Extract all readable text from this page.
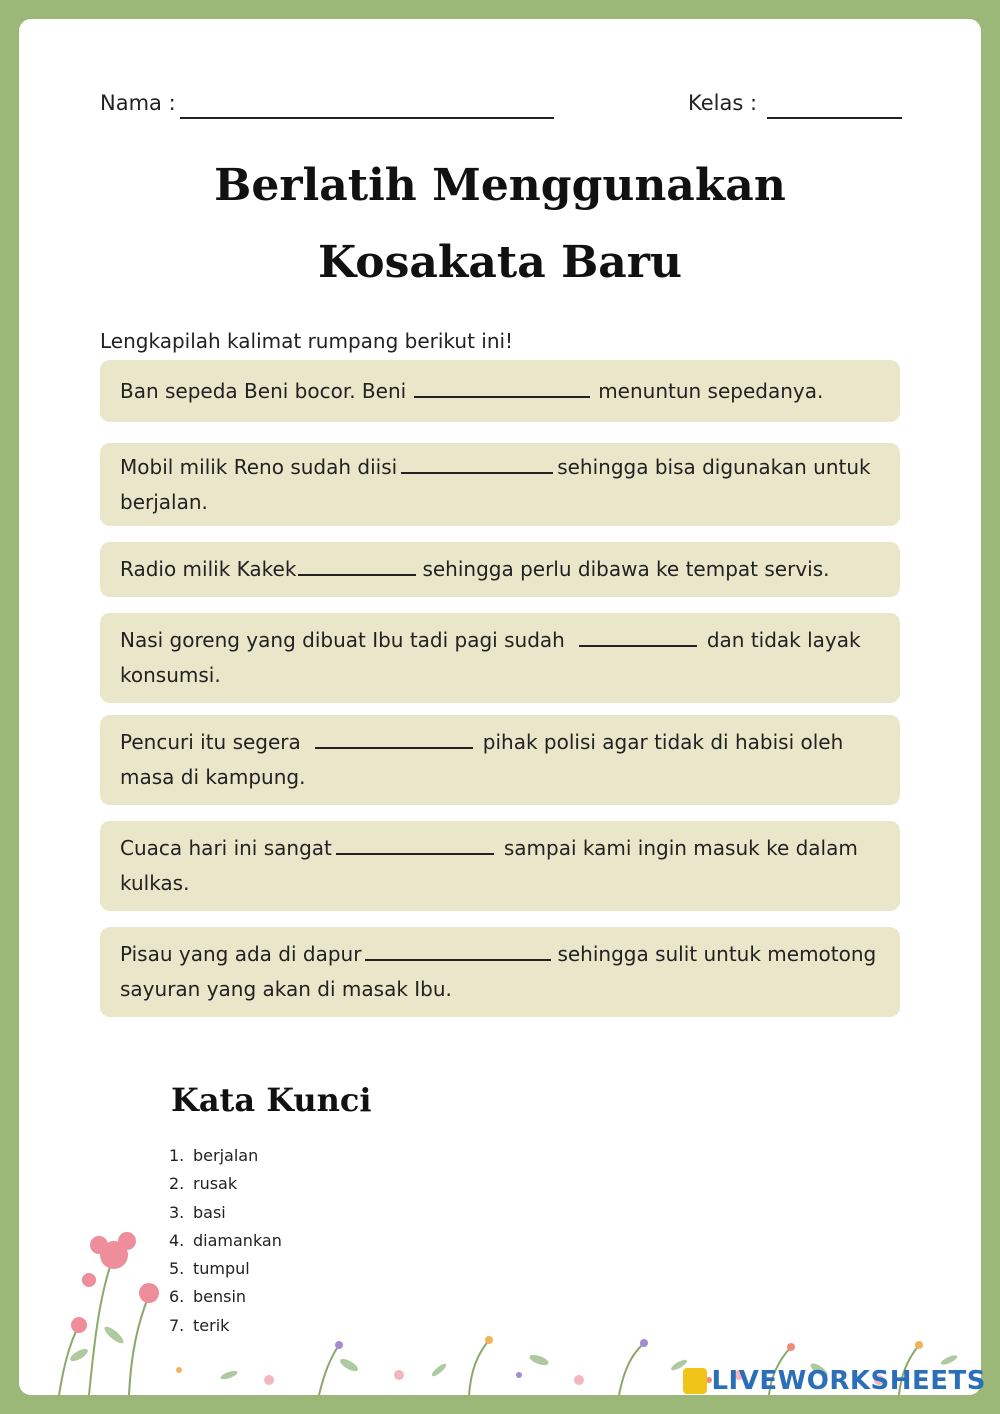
Nama :	Kelas :
Berlatih Menggunakan
Kosakata Baru
Lengkapilah kalimat rumpang berikut ini!
Ban sepeda Beni bocor. Beni	menuntun sepedanya.
Mobil milik Reno sudah diisi	sehingga bisa digunakan untuk berjalan.
Radio milik Kakek	sehingga perlu dibawa ke tempat servis.
Nasi goreng yang dibuat Ibu tadi pagi sudah	dan tidak layak konsumsi.
Pencuri itu segera	pihak polisi agar tidak di habisi oleh masa di kampung.
Cuaca hari ini sangat	sampai kami ingin masuk ke dalam kulkas.
Pisau yang ada di dapur	sehingga sulit untuk memotong sayuran yang akan di masak Ibu.
Kata Kunci
1. berjalan
2. rusak
3. basi
4. diamankan
5. tumpul
6. bensin
7. terik
LIVEWORKSHEETS
